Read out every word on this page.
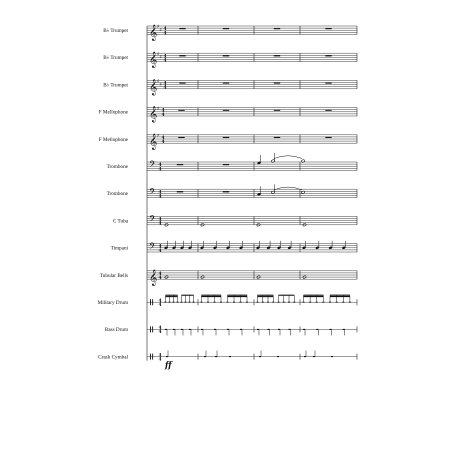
B♭ Trumpet 𝄞 ♯
♯ 4
4
B♭ Trumpet 𝄞 ♯
♯ 4
4
B♭ Trumpet 𝄞 ♯
♯ 4
4
F Mellophone 𝄞 ♯ 4
4
F Mellophone 𝄞 ♯ 4
4
Trombone 𝄢 4
4
Trombone 𝄢 4
4
C Tuba 𝄢 4
4
Timpani 𝄢 4
4
Tubular Bells 𝄞 4
4
Military Drum	4
4
Bass Drum	4
4
Crash Cymbal	4
4 ff
